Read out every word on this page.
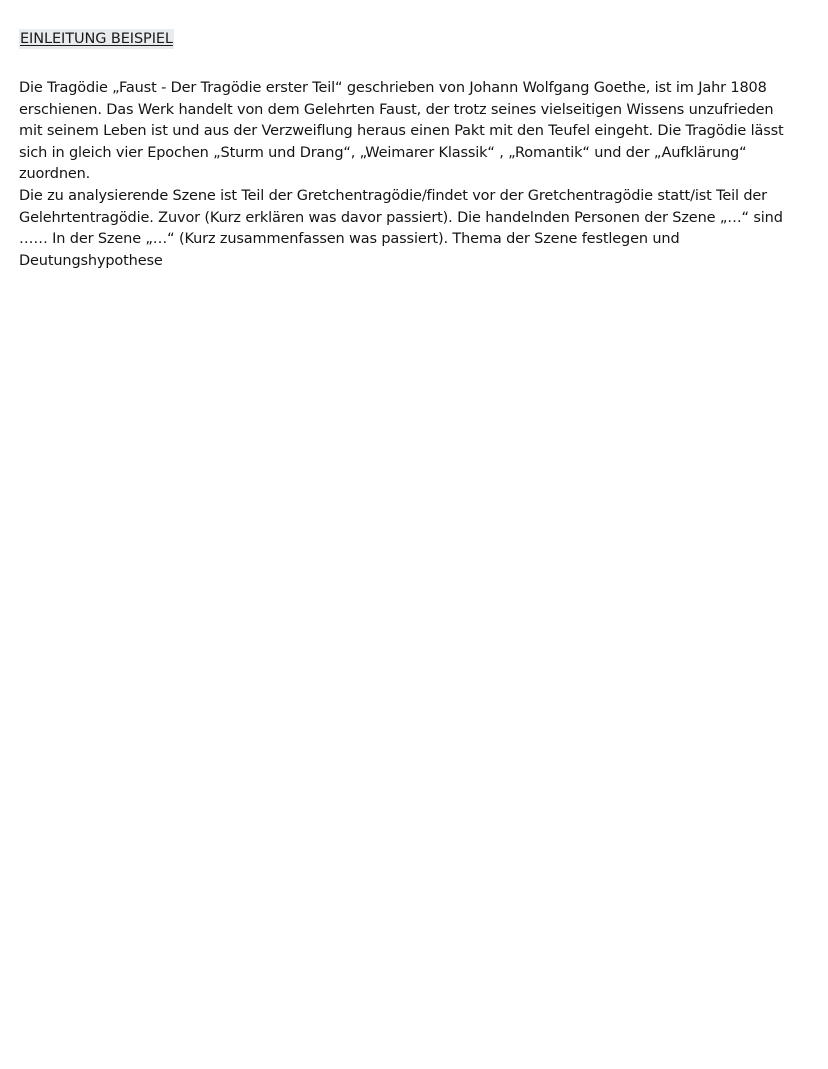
EINLEITUNG BEISPIEL
Die Tragödie „Faust - Der Tragödie erster Teil“ geschrieben von Johann Wolfgang Goethe, ist im Jahr 1808
erschienen. Das Werk handelt von dem Gelehrten Faust, der trotz seines vielseitigen Wissens unzufrieden
mit seinem Leben ist und aus der Verzweiflung heraus einen Pakt mit den Teufel eingeht. Die Tragödie lässt
sich in gleich vier Epochen „Sturm und Drang“, „Weimarer Klassik“ , „Romantik“ und der „Aufklärung“
zuordnen.
Die zu analysierende Szene ist Teil der Gretchentragödie/findet vor der Gretchentragödie statt/ist Teil der
Gelehrtentragödie. Zuvor (Kurz erklären was davor passiert). Die handelnden Personen der Szene „…“ sind
…… In der Szene „…“ (Kurz zusammenfassen was passiert). Thema der Szene festlegen und
Deutungshypothese
